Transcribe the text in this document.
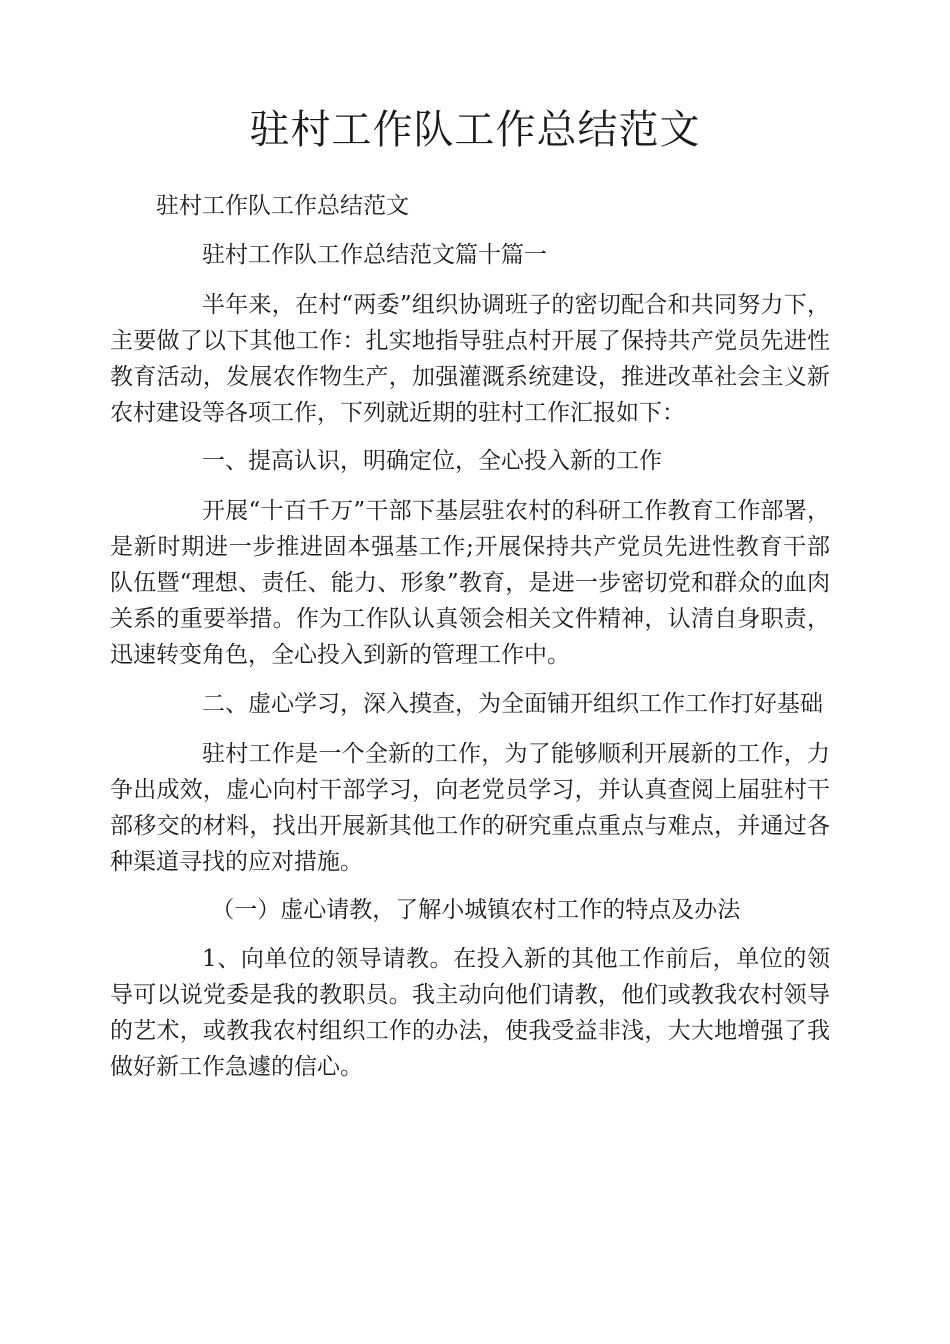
驻村工作队工作总结范文

驻村工作队工作总结范文

驻村工作队工作总结范文篇十篇一

半年来，在村“两委”组织协调班子的密切配合和共同努力下，主要做了以下其他工作：扎实地指导驻点村开展了保持共产党员先进性教育活动，发展农作物生产，加强灌溉系统建设，推进改革社会主义新农村建设等各项工作，下列就近期的驻村工作汇报如下：

一、提高认识，明确定位，全心投入新的工作

开展“十百千万”干部下基层驻农村的科研工作教育工作部署，是新时期进一步推进固本强基工作;开展保持共产党员先进性教育干部队伍暨“理想、责任、能力、形象”教育，是进一步密切党和群众的血肉关系的重要举措。作为工作队认真领会相关文件精神，认清自身职责，迅速转变角色，全心投入到新的管理工作中。

二、虚心学习，深入摸查，为全面铺开组织工作工作打好基础

驻村工作是一个全新的工作，为了能够顺利开展新的工作，力争出成效，虚心向村干部学习，向老党员学习，并认真查阅上届驻村干部移交的材料，找出开展新其他工作的研究重点重点与难点，并通过各种渠道寻找的应对措施。

（一）虚心请教，了解小城镇农村工作的特点及办法

1、向单位的领导请教。在投入新的其他工作前后，单位的领导可以说党委是我的教职员。我主动向他们请教，他们或教我农村领导的艺术，或教我农村组织工作的办法，使我受益非浅，大大地增强了我做好新工作急遽的信心。
